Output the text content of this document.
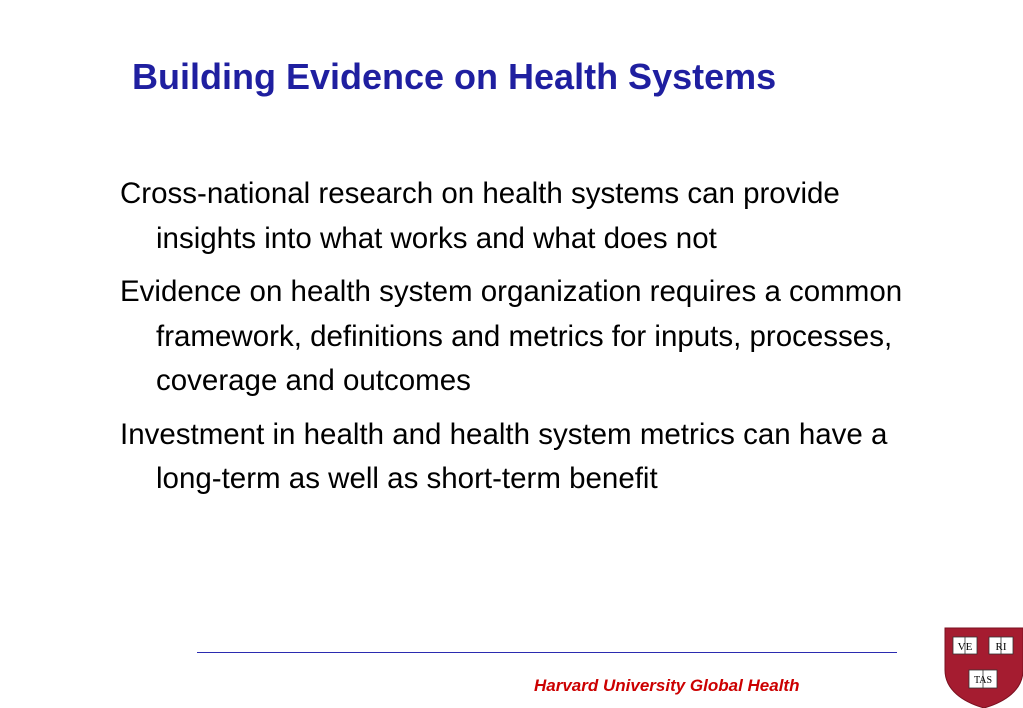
Building Evidence on Health Systems
Cross-national research on health systems can provide insights into what works and what does not
Evidence on health system organization requires a common framework, definitions and metrics for inputs, processes, coverage and outcomes
Investment in health and health system metrics can have a long-term as well as short-term benefit
Harvard University Global Health
VE RI
TAS
